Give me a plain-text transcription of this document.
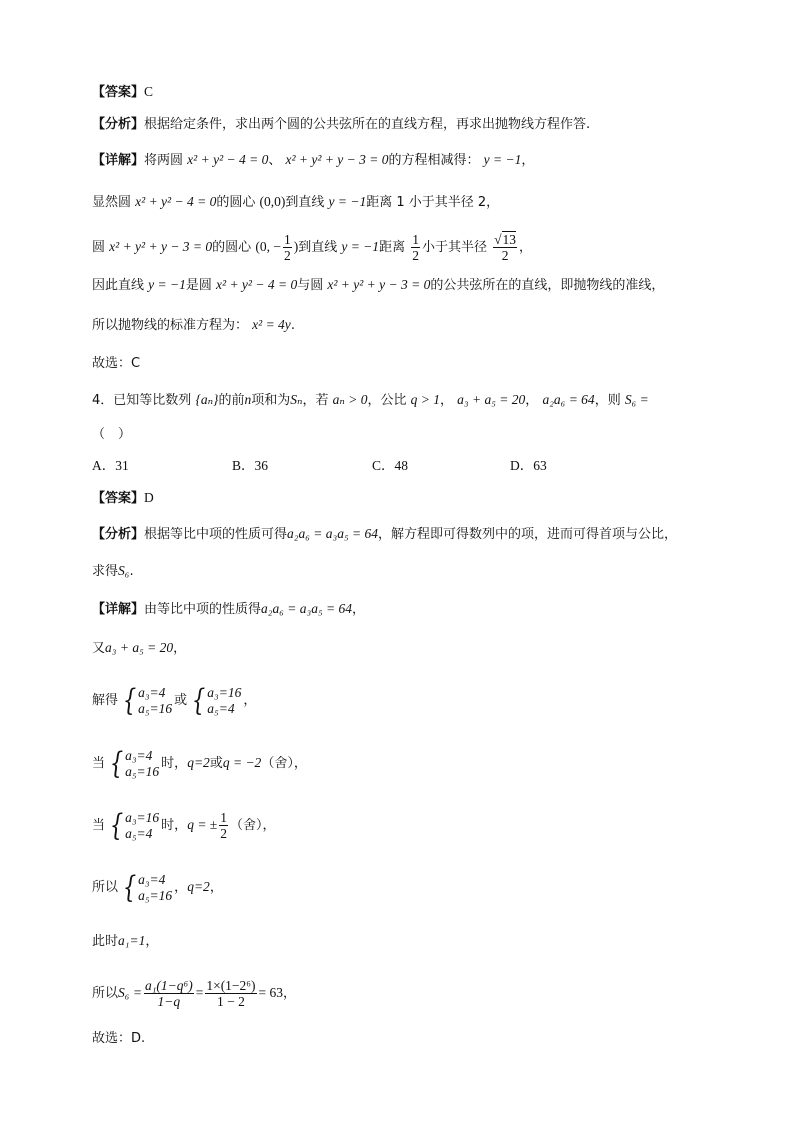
【答案】C
【分析】根据给定条件，求出两个圆的公共弦所在的直线方程，再求出抛物线方程作答.
【详解】将两圆 x² + y² − 4 = 0、 x² + y² + y − 3 = 0的方程相减得： y = −1，
显然圆 x² + y² − 4 = 0的圆心 (0,0)到直线 y = −1距离 1 小于其半径 2，
圆 x² + y² + y − 3 = 0的圆心 (0, − $\frac{1}{2}$ )到直线 y = −1距离 $\frac{1}{2}$ 小于其半径 $\frac{√13}{2}$ ，
因此直线 y = −1是圆 x² + y² − 4 = 0与圆 x² + y² + y − 3 = 0的公共弦所在的直线，即抛物线的准线，
所以抛物线的标准方程为： x² = 4y.
故选：C
4．已知等比数列 {aₙ}的前n项和为Sₙ，若 aₙ > 0，公比 q > 1， a₃ + a₅ = 20， a₂a₆ = 64，则 S₆ =
（　）
A．31	B．36	C．48	D．63
【答案】D
【分析】根据等比中项的性质可得a₂a₆ = a₃a₅ = 64，解方程即可得数列中的项，进而可得首项与公比，
求得S₆.
【详解】由等比中项的性质得a₂a₆ = a₃a₅ = 64，
又a₃ + a₅ = 20，
解得 { a₃=4
a₅=16 或 { a₃=16
a₅=4 ，
当 { a₃=4
a₅=16 时，q=2或q = −2（舍），
当 { a₃=16
a₅=4 时，q = ± $\frac{1}{2}$ （舍），
所以 { a₃=4
a₅=16 ，q=2，
此时a₁=1，
所以$S_6 = \frac{\text{a₁(1−q⁶)}}{1-q} = \frac{\text{1×(1−2⁶)}}{1 - 2} = 63$，
故选：D.
